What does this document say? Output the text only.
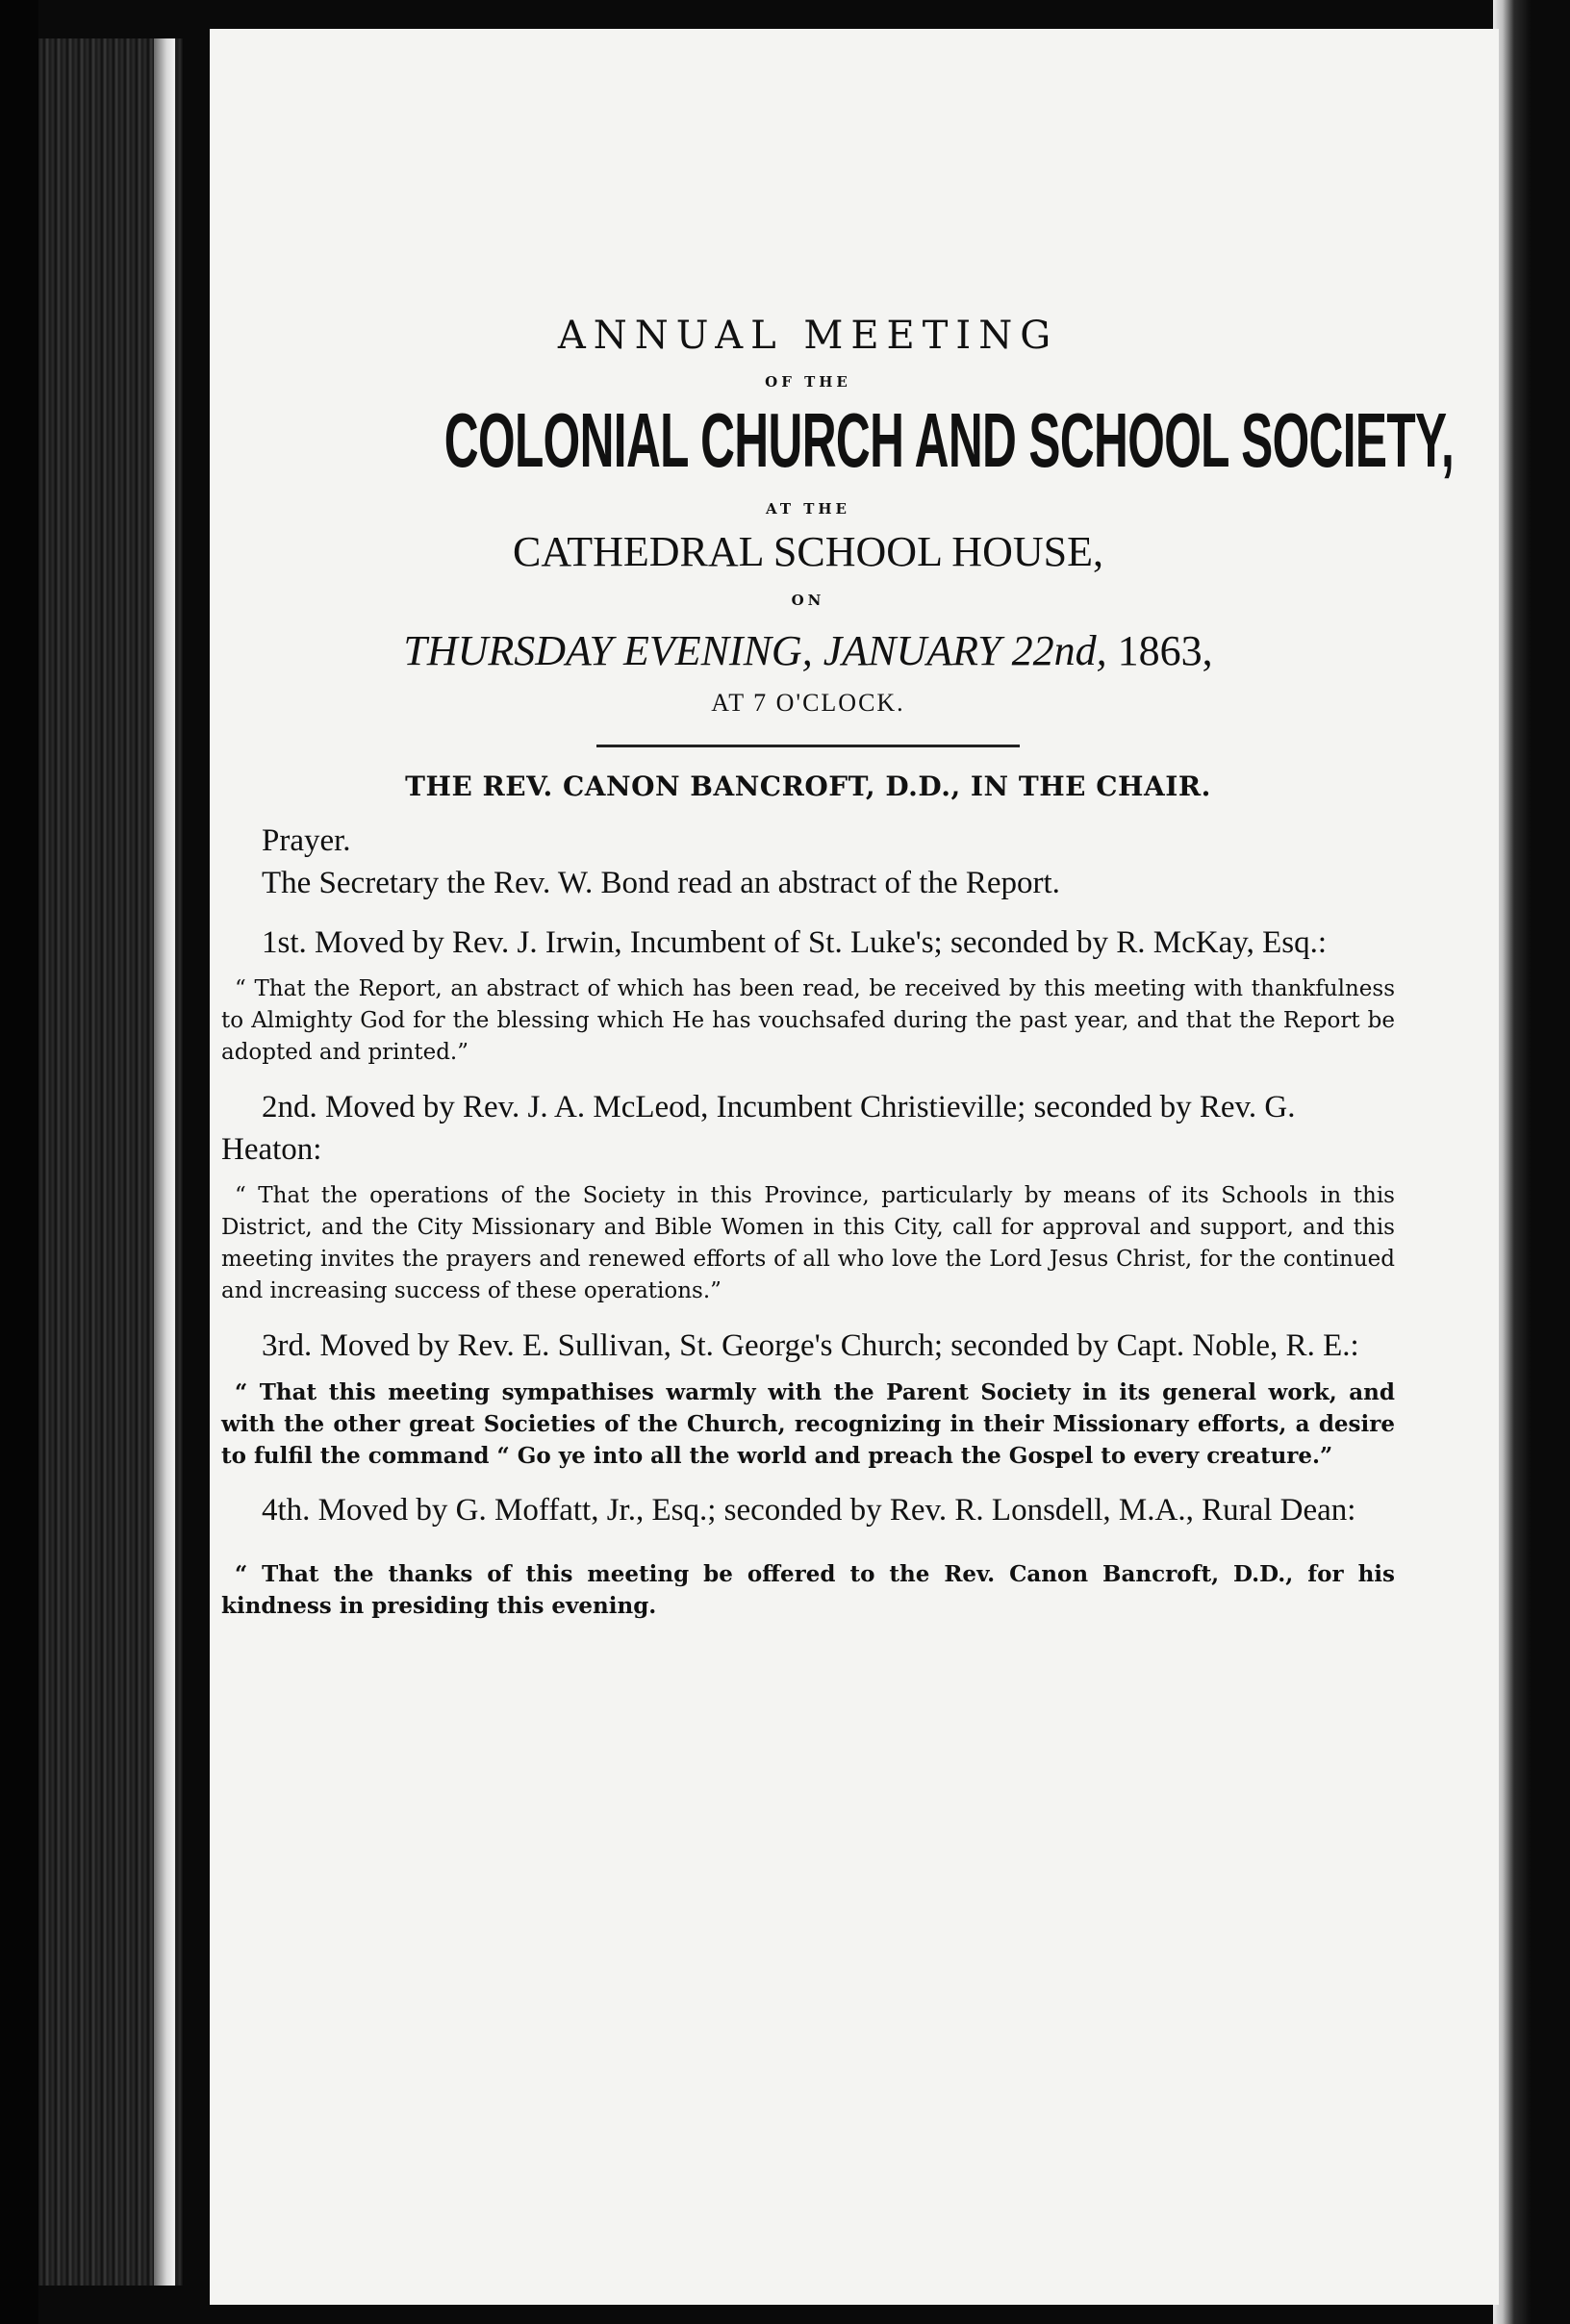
ANNUAL MEETING
OF THE
COLONIAL CHURCH AND SCHOOL SOCIETY,
AT THE
CATHEDRAL SCHOOL HOUSE,
ON
THURSDAY EVENING, JANUARY 22nd, 1863,
AT 7 O'CLOCK.
THE REV. CANON BANCROFT, D.D., IN THE CHAIR.

Prayer.

The Secretary the Rev. W. Bond read an abstract of the Report.

1st. Moved by Rev. J. Irwin, Incumbent of St. Luke's; seconded by R. McKay, Esq.:

“ That the Report, an abstract of which has been read, be received by this meeting with thankfulness to Almighty God for the blessing which He has vouchsafed during the past year, and that the Report be adopted and printed.”

2nd. Moved by Rev. J. A. McLeod, Incumbent Christieville; seconded by Rev. G. Heaton:

“ That the operations of the Society in this Province, particularly by means of its Schools in this District, and the City Missionary and Bible Women in this City, call for approval and support, and this meeting invites the prayers and renewed efforts of all who love the Lord Jesus Christ, for the continued and increasing success of these operations.”

3rd. Moved by Rev. E. Sullivan, St. George's Church; seconded by Capt. Noble, R. E.:

“ That this meeting sympathises warmly with the Parent Society in its general work, and with the other great Societies of the Church, recognizing in their Missionary efforts, a desire to fulfil the command “ Go ye into all the world and preach the Gospel to every creature.”

4th. Moved by G. Moffatt, Jr., Esq.; seconded by Rev. R. Lonsdell, M.A., Rural Dean:

“ That the thanks of this meeting be offered to the Rev. Canon Bancroft, D.D., for his kindness in presiding this evening.
